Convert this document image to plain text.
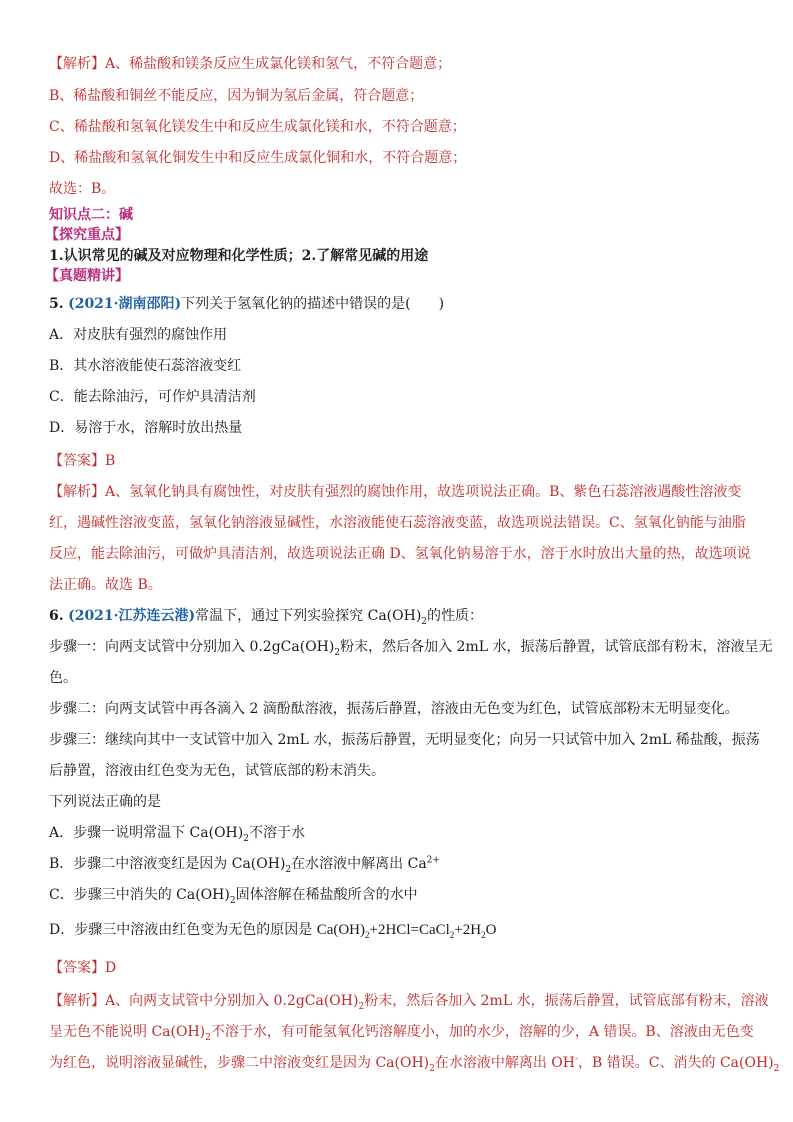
【解析】A、稀盐酸和镁条反应生成氯化镁和氢气，不符合题意；
B、稀盐酸和铜丝不能反应，因为铜为氢后金属，符合题意；
C、稀盐酸和氢氧化镁发生中和反应生成氯化镁和水，不符合题意；
D、稀盐酸和氢氧化铜发生中和反应生成氯化铜和水，不符合题意；
故选：B。
知识点二：碱
【探究重点】
1.认识常见的碱及对应物理和化学性质；2.了解常见碱的用途
【真题精讲】
5. (2021·湖南邵阳)下列关于氢氧化钠的描述中错误的是(　　)
A．对皮肤有强烈的腐蚀作用
B．其水溶液能使石蕊溶液变红
C．能去除油污，可作炉具清洁剂
D．易溶于水，溶解时放出热量
【答案】B
【解析】A、氢氧化钠具有腐蚀性，对皮肤有强烈的腐蚀作用，故选项说法正确。B、紫色石蕊溶液遇酸性溶液变
红，遇碱性溶液变蓝，氢氧化钠溶液显碱性，水溶液能使石蕊溶液变蓝，故选项说法错误。C、氢氧化钠能与油脂
反应，能去除油污，可做炉具清洁剂，故选项说法正确 D、氢氧化钠易溶于水，溶于水时放出大量的热，故选项说
法正确。故选 B。
6. (2021·江苏连云港)常温下，通过下列实验探究 $Ca(OH)_2$的性质：
步骤一：向两支试管中分别加入 $0.2gCa(OH)_2$粉末，然后各加入 2mL 水，振荡后静置，试管底部有粉末，溶液呈无
色。
步骤二：向两支试管中再各滴入 2 滴酚酞溶液，振荡后静置，溶液由无色变为红色，试管底部粉末无明显变化。
步骤三：继续向其中一支试管中加入 2mL 水，振荡后静置，无明显变化；向另一只试管中加入 2mL 稀盐酸，振荡
后静置，溶液由红色变为无色，试管底部的粉末消失。
下列说法正确的是
A．步骤一说明常温下 $Ca(OH)_2$不溶于水
B．步骤二中溶液变红是因为 $Ca(OH)_2$在水溶液中解离出 $Ca^{2+}$
C．步骤三中消失的 $Ca(OH)_2$固体溶解在稀盐酸所含的水中
D．步骤三中溶液由红色变为无色的原因是 $Ca(OH)_2+2HCl=CaCl_2+2H_2O$
【答案】D
【解析】A、向两支试管中分别加入 $0.2gCa(OH)_2$粉末，然后各加入 2mL 水，振荡后静置，试管底部有粉末，溶液
呈无色不能说明 $Ca(OH)_2$不溶于水，有可能氢氧化钙溶解度小，加的水少，溶解的少，A 错误。B、溶液由无色变
为红色，说明溶液显碱性，步骤二中溶液变红是因为 $Ca(OH)_2$在水溶液中解离出 OH-，B 错误。C、消失的 $Ca(OH)_2$
